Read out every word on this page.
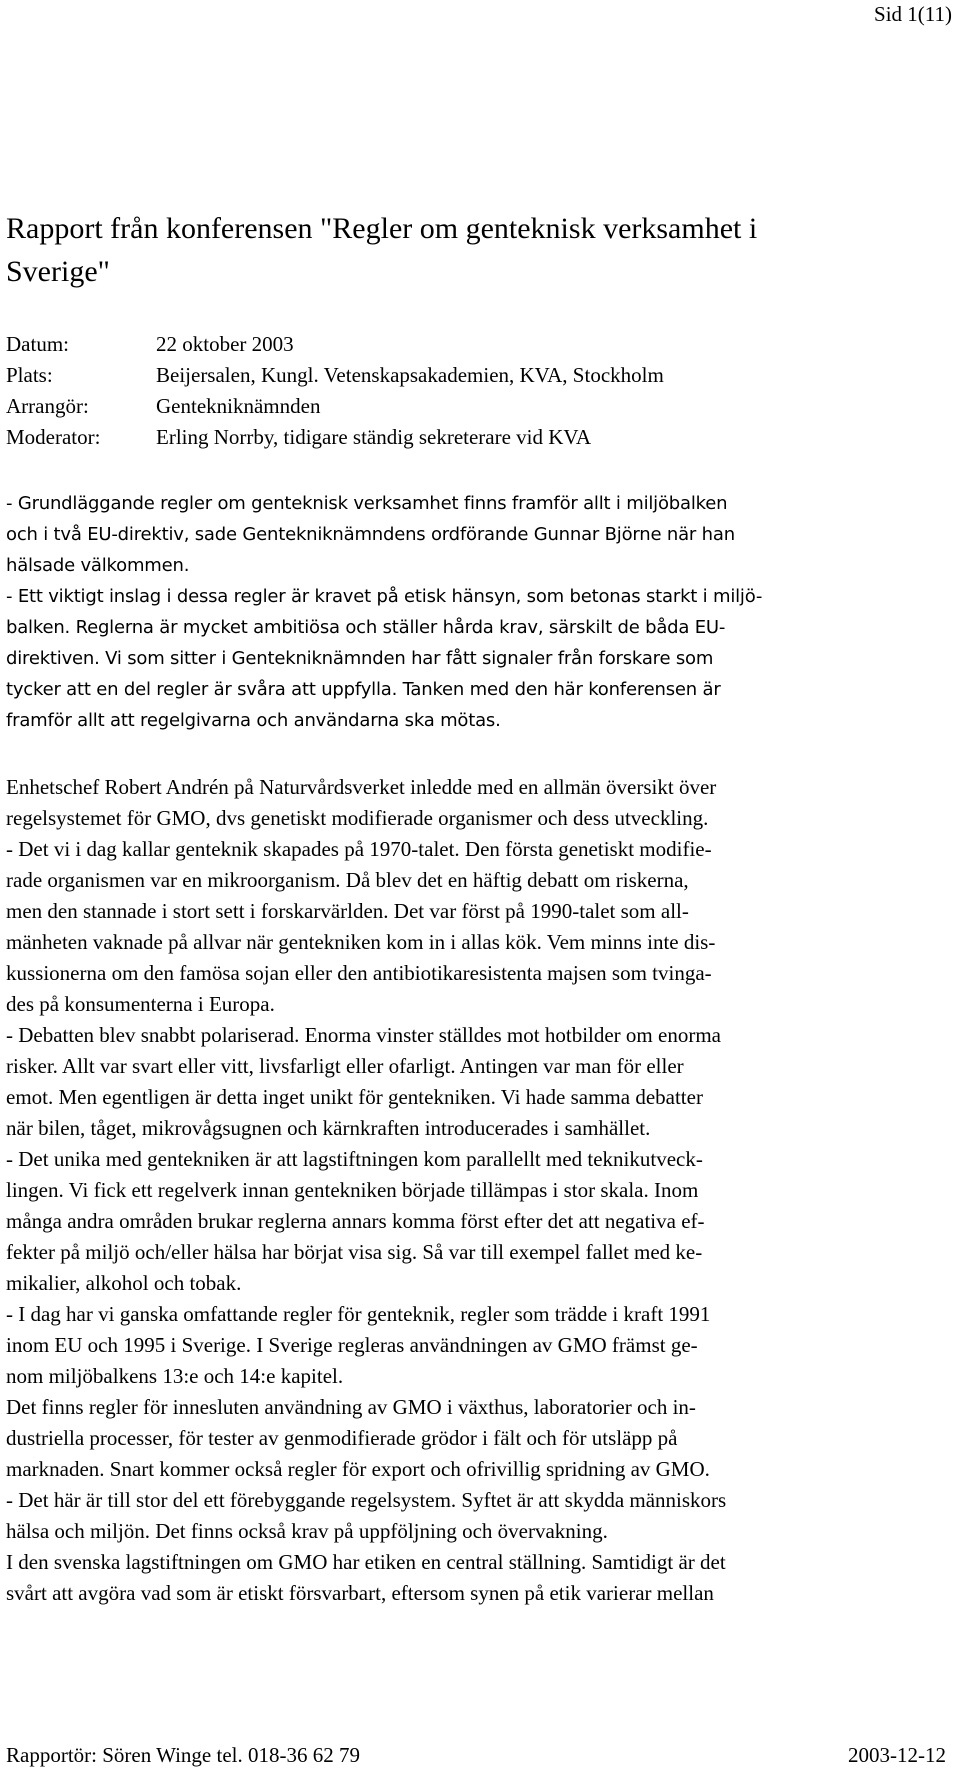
Sid 1(11)
Rapport från konferensen "Regler om genteknisk verksamhet i
Sverige"
Datum:	22 oktober 2003
Plats:	Beijersalen, Kungl. Vetenskapsakademien, KVA, Stockholm
Arrangör:	Gentekniknämnden
Moderator:	Erling Norrby, tidigare ständig sekreterare vid KVA
- Grundläggande regler om genteknisk verksamhet finns framför allt i miljöbalken
och i två EU-direktiv, sade Gentekniknämndens ordförande Gunnar Björne när han
hälsade välkommen.
- Ett viktigt inslag i dessa regler är kravet på etisk hänsyn, som betonas starkt i miljö-
balken. Reglerna är mycket ambitiösa och ställer hårda krav, särskilt de båda EU-
direktiven. Vi som sitter i Gentekniknämnden har fått signaler från forskare som
tycker att en del regler är svåra att uppfylla. Tanken med den här konferensen är
framför allt att regelgivarna och användarna ska mötas.
Enhetschef Robert Andrén på Naturvårdsverket inledde med en allmän översikt över
regelsystemet för GMO, dvs genetiskt modifierade organismer och dess utveckling.
- Det vi i dag kallar genteknik skapades på 1970-talet. Den första genetiskt modifie-
rade organismen var en mikroorganism. Då blev det en häftig debatt om riskerna,
men den stannade i stort sett i forskarvärlden. Det var först på 1990-talet som all-
mänheten vaknade på allvar när gentekniken kom in i allas kök. Vem minns inte dis-
kussionerna om den famösa sojan eller den antibiotikaresistenta majsen som tvinga-
des på konsumenterna i Europa.
- Debatten blev snabbt polariserad. Enorma vinster ställdes mot hotbilder om enorma
risker. Allt var svart eller vitt, livsfarligt eller ofarligt. Antingen var man för eller
emot. Men egentligen är detta inget unikt för gentekniken. Vi hade samma debatter
när bilen, tåget, mikrovågsugnen och kärnkraften introducerades i samhället.
- Det unika med gentekniken är att lagstiftningen kom parallellt med teknikutveck-
lingen. Vi fick ett regelverk innan gentekniken började tillämpas i stor skala. Inom
många andra områden brukar reglerna annars komma först efter det att negativa ef-
fekter på miljö och/eller hälsa har börjat visa sig. Så var till exempel fallet med ke-
mikalier, alkohol och tobak.
- I dag har vi ganska omfattande regler för genteknik, regler som trädde i kraft 1991
inom EU och 1995 i Sverige. I Sverige regleras användningen av GMO främst ge-
nom miljöbalkens 13:e och 14:e kapitel.
Det finns regler för innesluten användning av GMO i växthus, laboratorier och in-
dustriella processer, för tester av genmodifierade grödor i fält och för utsläpp på
marknaden. Snart kommer också regler för export och ofrivillig spridning av GMO.
- Det här är till stor del ett förebyggande regelsystem. Syftet är att skydda människors
hälsa och miljön. Det finns också krav på uppföljning och övervakning.
I den svenska lagstiftningen om GMO har etiken en central ställning. Samtidigt är det
svårt att avgöra vad som är etiskt försvarbart, eftersom synen på etik varierar mellan
Rapportör: Sören Winge tel. 018-36 62 79	2003-12-12
